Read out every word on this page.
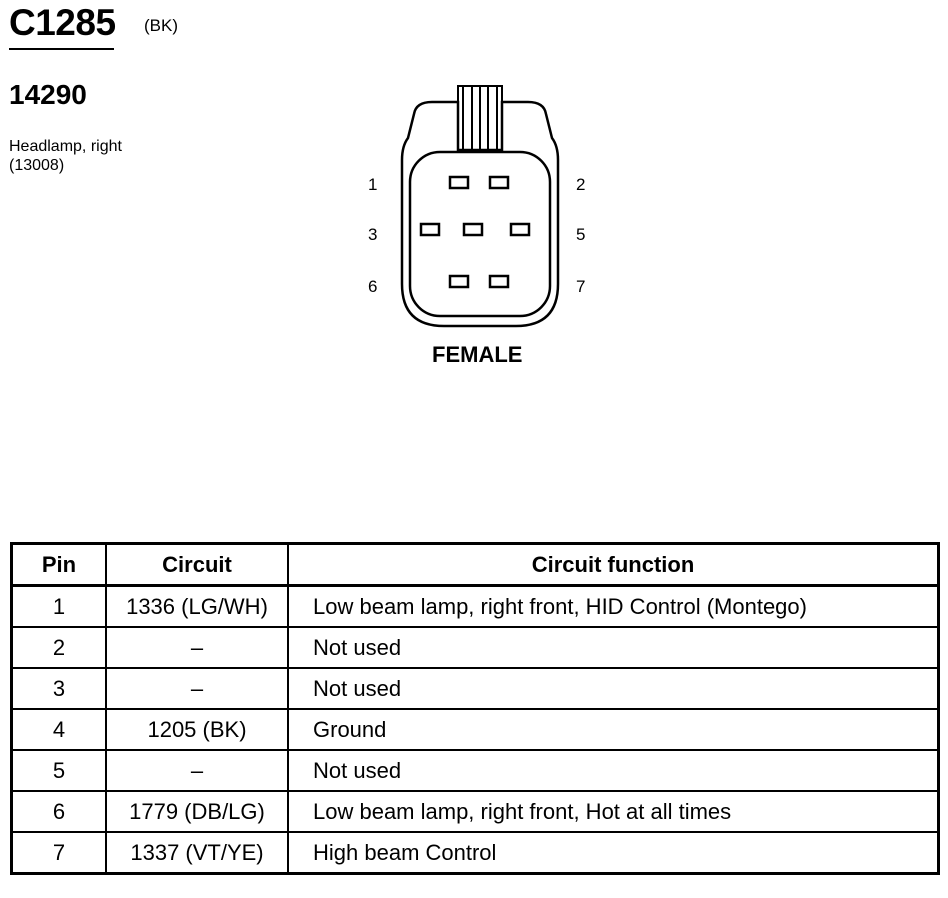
C1285 (BK)
14290
Headlamp, right
(13008)
1	2
3	5
6	7
FEMALE
Pin	Circuit	Circuit function
1	1336 (LG/WH)	Low beam lamp, right front, HID Control (Montego)
2	–	Not used
3	–	Not used
4	1205 (BK)	Ground
5	–	Not used
6	1779 (DB/LG)	Low beam lamp, right front, Hot at all times
7	1337 (VT/YE)	High beam Control
